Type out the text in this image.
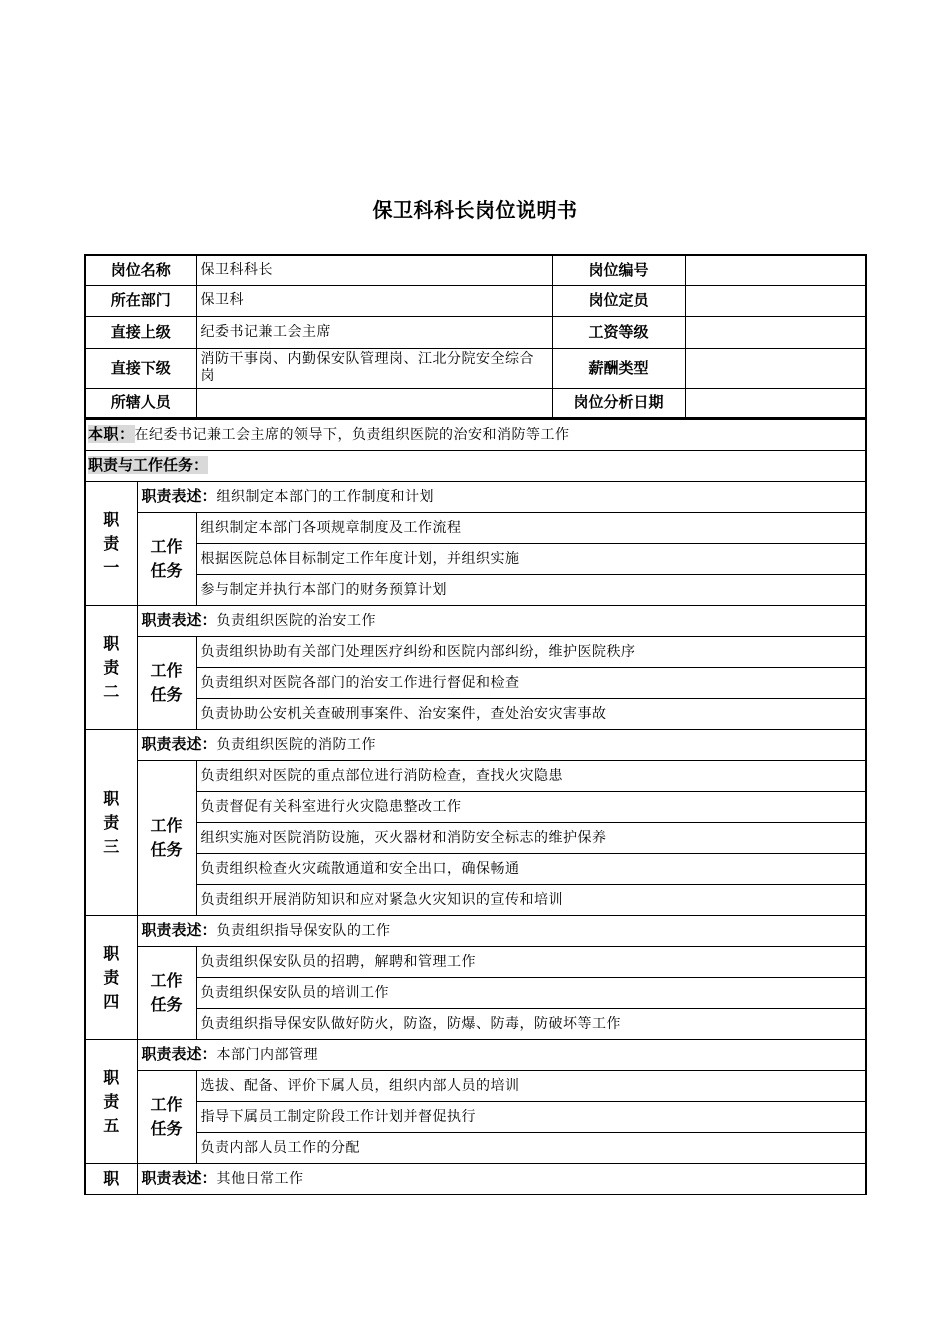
保卫科科长岗位说明书
岗位名称	保卫科科长	岗位编号	
所在部门	保卫科	岗位定员	
直接上级	纪委书记兼工会主席	工资等级	
直接下级	消防干事岗、内勤保安队管理岗、江北分院安全综合岗	薪酬类型	
所辖人员		岗位分析日期	
本职：在纪委书记兼工会主席的领导下，负责组织医院的治安和消防等工作		
职责与工作任务：		

职
责
一	职责表述：组织制定本部门的工作制度和计划	

	工作
任务	组织制定本部门各项规章制度及工作流程
		根据医院总体目标制定工作年度计划，并组织实施
		参与制定并执行本部门的财务预算计划

职
责
二	职责表述：负责组织医院的治安工作	

	工作
任务	负责组织协助有关部门处理医疗纠纷和医院内部纠纷，维护医院秩序
		负责组织对医院各部门的治安工作进行督促和检查
		负责协助公安机关查破刑事案件、治安案件，查处治安灾害事故

职
责
三	职责表述：负责组织医院的消防工作	

	工作
任务	负责组织对医院的重点部位进行消防检查，查找火灾隐患
		负责督促有关科室进行火灾隐患整改工作
		组织实施对医院消防设施，灭火器材和消防安全标志的维护保养
		负责组织检查火灾疏散通道和安全出口，确保畅通
		负责组织开展消防知识和应对紧急火灾知识的宣传和培训

职
责
四	职责表述：负责组织指导保安队的工作	

	工作
任务	负责组织保安队员的招聘，解聘和管理工作
		负责组织保安队员的培训工作
		负责组织指导保安队做好防火，防盗，防爆、防毒，防破坏等工作

职
责
五	职责表述：本部门内部管理	

	工作
任务	选拔、配备、评价下属人员，组织内部人员的培训
		指导下属员工制定阶段工作计划并督促执行
		负责内部人员工作的分配

职	职责表述：其他日常工作	
